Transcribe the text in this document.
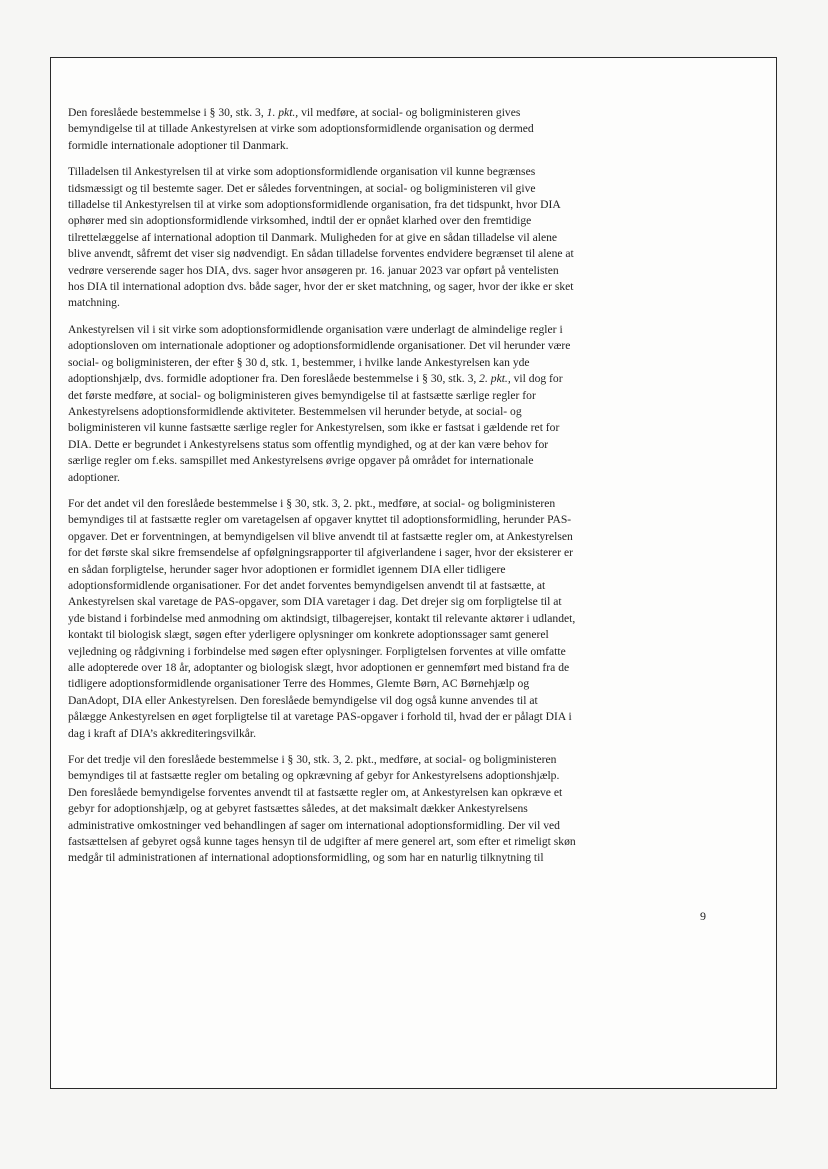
Den foreslåede bestemmelse i § 30, stk. 3, 1. pkt., vil medføre, at social- og boligministeren gives
bemyndigelse til at tillade Ankestyrelsen at virke som adoptionsformidlende organisation og dermed
formidle internationale adoptioner til Danmark.

Tilladelsen til Ankestyrelsen til at virke som adoptionsformidlende organisation vil kunne begrænses
tidsmæssigt og til bestemte sager. Det er således forventningen, at social- og boligministeren vil give
tilladelse til Ankestyrelsen til at virke som adoptionsformidlende organisation, fra det tidspunkt, hvor DIA
ophører med sin adoptionsformidlende virksomhed, indtil der er opnået klarhed over den fremtidige
tilrettelæggelse af international adoption til Danmark. Muligheden for at give en sådan tilladelse vil alene
blive anvendt, såfremt det viser sig nødvendigt. En sådan tilladelse forventes endvidere begrænset til alene at
vedrøre verserende sager hos DIA, dvs. sager hvor ansøgeren pr. 16. januar 2023 var opført på ventelisten
hos DIA til international adoption dvs. både sager, hvor der er sket matchning, og sager, hvor der ikke er sket
matchning.

Ankestyrelsen vil i sit virke som adoptionsformidlende organisation være underlagt de almindelige regler i
adoptionsloven om internationale adoptioner og adoptionsformidlende organisationer. Det vil herunder være
social- og boligministeren, der efter § 30 d, stk. 1, bestemmer, i hvilke lande Ankestyrelsen kan yde
adoptionshjælp, dvs. formidle adoptioner fra. Den foreslåede bestemmelse i § 30, stk. 3, 2. pkt., vil dog for
det første medføre, at social- og boligministeren gives bemyndigelse til at fastsætte særlige regler for
Ankestyrelsens adoptionsformidlende aktiviteter. Bestemmelsen vil herunder betyde, at social- og
boligministeren vil kunne fastsætte særlige regler for Ankestyrelsen, som ikke er fastsat i gældende ret for
DIA. Dette er begrundet i Ankestyrelsens status som offentlig myndighed, og at der kan være behov for
særlige regler om f.eks. samspillet med Ankestyrelsens øvrige opgaver på området for internationale
adoptioner.

For det andet vil den foreslåede bestemmelse i § 30, stk. 3, 2. pkt., medføre, at social- og boligministeren
bemyndiges til at fastsætte regler om varetagelsen af opgaver knyttet til adoptionsformidling, herunder PAS-
opgaver. Det er forventningen, at bemyndigelsen vil blive anvendt til at fastsætte regler om, at Ankestyrelsen
for det første skal sikre fremsendelse af opfølgningsrapporter til afgiverlandene i sager, hvor der eksisterer er
en sådan forpligtelse, herunder sager hvor adoptionen er formidlet igennem DIA eller tidligere
adoptionsformidlende organisationer. For det andet forventes bemyndigelsen anvendt til at fastsætte, at
Ankestyrelsen skal varetage de PAS-opgaver, som DIA varetager i dag. Det drejer sig om forpligtelse til at
yde bistand i forbindelse med anmodning om aktindsigt, tilbagerejser, kontakt til relevante aktører i udlandet,
kontakt til biologisk slægt, søgen efter yderligere oplysninger om konkrete adoptionssager samt generel
vejledning og rådgivning i forbindelse med søgen efter oplysninger. Forpligtelsen forventes at ville omfatte
alle adopterede over 18 år, adoptanter og biologisk slægt, hvor adoptionen er gennemført med bistand fra de
tidligere adoptionsformidlende organisationer Terre des Hommes, Glemte Børn, AC Børnehjælp og
DanAdopt, DIA eller Ankestyrelsen. Den foreslåede bemyndigelse vil dog også kunne anvendes til at
pålægge Ankestyrelsen en øget forpligtelse til at varetage PAS-opgaver i forhold til, hvad der er pålagt DIA i
dag i kraft af DIA’s akkrediteringsvilkår.

For det tredje vil den foreslåede bestemmelse i § 30, stk. 3, 2. pkt., medføre, at social- og boligministeren
bemyndiges til at fastsætte regler om betaling og opkrævning af gebyr for Ankestyrelsens adoptionshjælp.
Den foreslåede bemyndigelse forventes anvendt til at fastsætte regler om, at Ankestyrelsen kan opkræve et
gebyr for adoptionshjælp, og at gebyret fastsættes således, at det maksimalt dækker Ankestyrelsens
administrative omkostninger ved behandlingen af sager om international adoptionsformidling. Der vil ved
fastsættelsen af gebyret også kunne tages hensyn til de udgifter af mere generel art, som efter et rimeligt skøn
medgår til administrationen af international adoptionsformidling, og som har en naturlig tilknytning til

9
